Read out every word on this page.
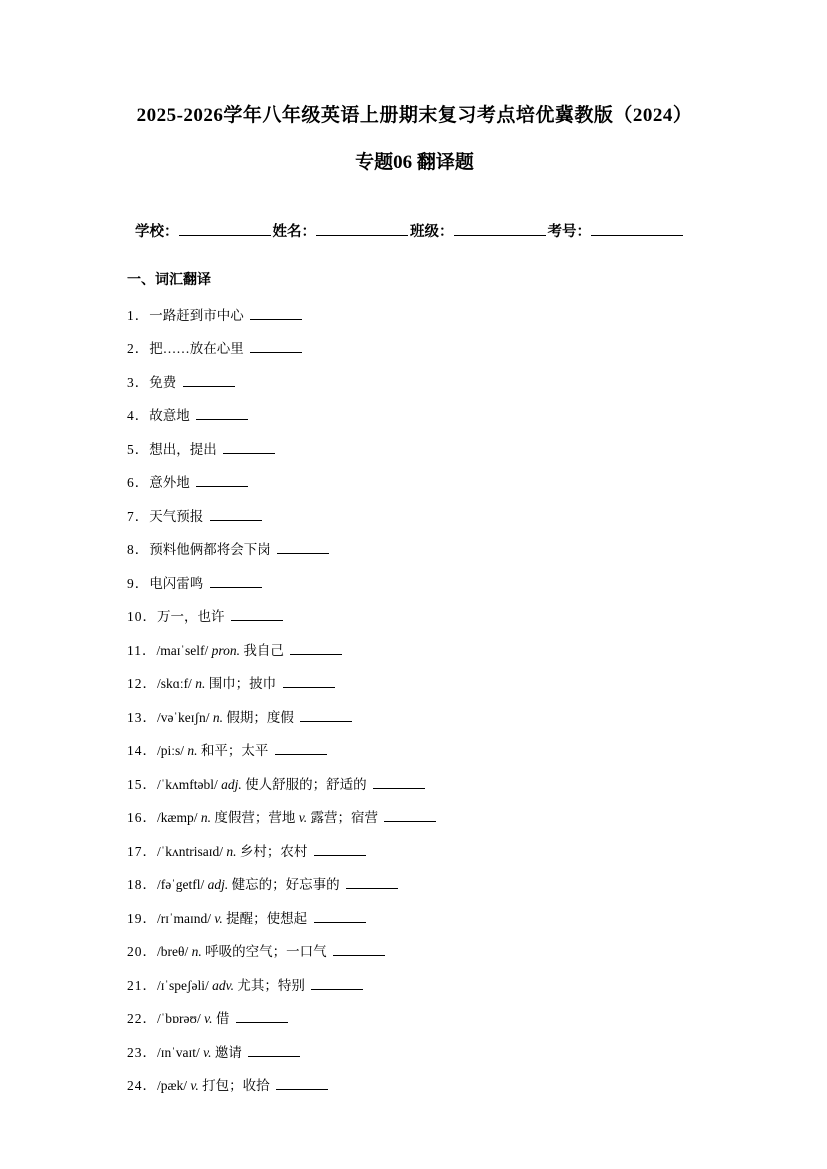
2025-2026学年八年级英语上册期末复习考点培优冀教版（2024）
专题06 翻译题
学校：	姓名：	班级：	考号：
一、词汇翻译
1．一路赶到市中心
2．把……放在心里
3．免费
4．故意地
5．想出，提出
6．意外地
7．天气预报
8．预料他俩都将会下岗
9．电闪雷鸣
10．万一，也许
11．/maɪˈself/ pron. 我自己
12．/skɑːf/ n. 围巾；披巾
13．/vəˈkeɪʃn/ n. 假期；度假
14．/piːs/ n. 和平；太平
15．/ˈkʌmftəbl/ adj. 使人舒服的；舒适的
16．/kæmp/ n. 度假营；营地 v. 露营；宿营
17．/ˈkʌntrisaɪd/ n. 乡村；农村
18．/fəˈgetfl/ adj. 健忘的；好忘事的
19．/rɪˈmaɪnd/ v. 提醒；使想起
20．/breθ/ n. 呼吸的空气；一口气
21．/ɪˈspeʃəli/ adv. 尤其；特别
22．/ˈbɒrəʊ/ v. 借
23．/ɪnˈvaɪt/ v. 邀请
24．/pæk/ v. 打包；收拾
